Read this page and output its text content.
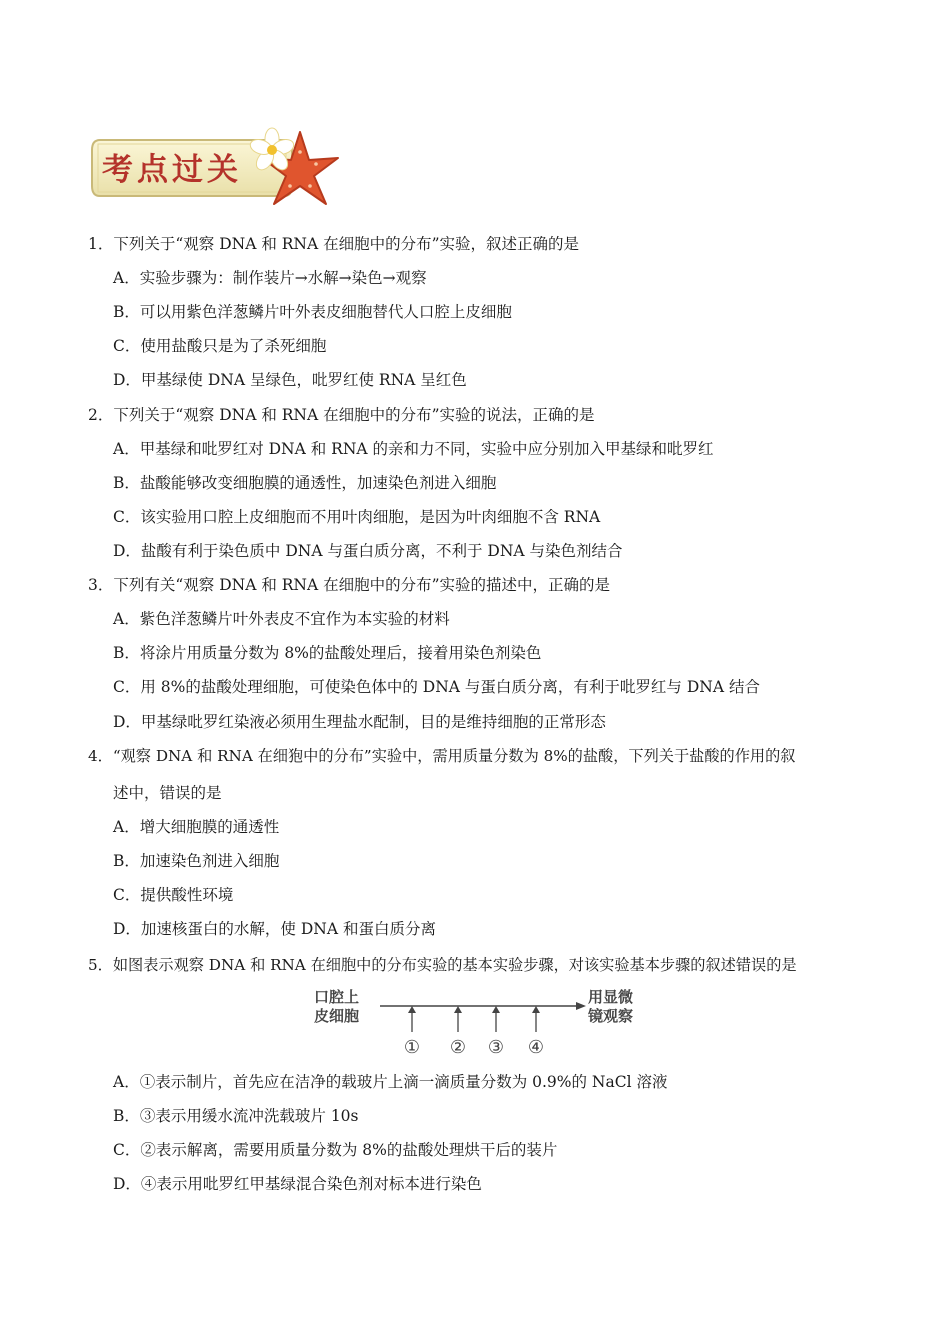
考点过关
1．下列关于“观察 DNA 和 RNA 在细胞中的分布”实验，叙述正确的是
A．实验步骤为：制作装片→水解→染色→观察
B．可以用紫色洋葱鳞片叶外表皮细胞替代人口腔上皮细胞
C．使用盐酸只是为了杀死细胞
D．甲基绿使 DNA 呈绿色，吡罗红使 RNA 呈红色
2．下列关于“观察 DNA 和 RNA 在细胞中的分布”实验的说法，正确的是
A．甲基绿和吡罗红对 DNA 和 RNA 的亲和力不同，实验中应分别加入甲基绿和吡罗红
B．盐酸能够改变细胞膜的通透性，加速染色剂进入细胞
C．该实验用口腔上皮细胞而不用叶肉细胞，是因为叶肉细胞不含 RNA
D．盐酸有利于染色质中 DNA 与蛋白质分离，不利于 DNA 与染色剂结合
3．下列有关“观察 DNA 和 RNA 在细胞中的分布”实验的描述中，正确的是
A．紫色洋葱鳞片叶外表皮不宜作为本实验的材料
B．将涂片用质量分数为 8%的盐酸处理后，接着用染色剂染色
C．用 8%的盐酸处理细胞，可使染色体中的 DNA 与蛋白质分离，有利于吡罗红与 DNA 结合
D．甲基绿吡罗红染液必须用生理盐水配制，目的是维持细胞的正常形态
4．“观察 DNA 和 RNA 在细狍中的分布”实验中，需用质量分数为 8%的盐酸，下列关于盐酸的作用的叙
述中，错误的是
A．增大细胞膜的通透性
B．加速染色剂进入细胞
C．提供酸性环境
D．加速核蛋白的水解，使 DNA 和蛋白质分离
5．如图表示观察 DNA 和 RNA 在细胞中的分布实验的基本实验步骤，对该实验基本步骤的叙述错误的是
口腔上
皮细胞
用显微
镜观察
① ② ③ ④
A．①表示制片，首先应在洁净的载玻片上滴一滴质量分数为 0.9%的 NaCl 溶液
B．③表示用缓水流冲洗载玻片 10s
C．②表示解离，需要用质量分数为 8%的盐酸处理烘干后的装片
D．④表示用吡罗红甲基绿混合染色剂对标本进行染色
